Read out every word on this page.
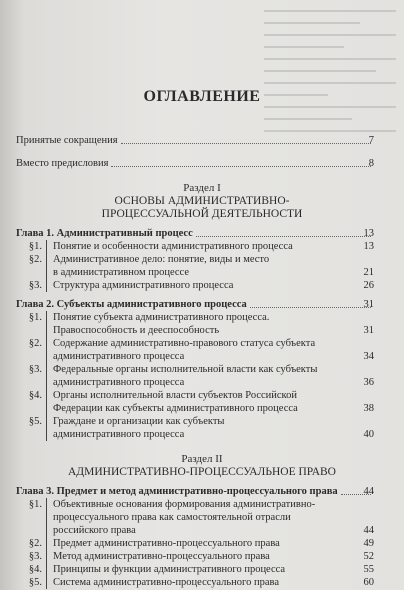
ОГЛАВЛЕНИЕ
Принятые сокращения	7
Вместо предисловия	8
Раздел I
ОСНОВЫ АДМИНИСТРАТИВНО-
ПРОЦЕССУАЛЬНОЙ ДЕЯТЕЛЬНОСТИ
Глава 1. Административный процесс	13
§1.	Понятие и особенности административного процесса	13
§2.	Административное дело: понятие, виды и место
в административном процессе	21
§3.	Структура административного процесса	26
Глава 2. Субъекты административного процесса	31
§1.	Понятие субъекта административного процесса.
Правоспособность и дееспособность	31
§2.	Содержание административно-правового статуса субъекта
административного процесса	34
§3.	Федеральные органы исполнительной власти как субъекты
административного процесса	36
§4.	Органы исполнительной власти субъектов Российской
Федерации как субъекты административного процесса	38
§5.	Граждане и организации как субъекты
административного процесса	40
Раздел II
АДМИНИСТРАТИВНО-ПРОЦЕССУАЛЬНОЕ ПРАВО
Глава 3. Предмет и метод административно-процессуального права 44
§1.	Объективные основания формирования административно-
процессуального права как самостоятельной отрасли
российского права	44
§2.	Предмет административно-процессуального права	49
§3.	Метод административно-процессуального права	52
§4.	Принципы и функции административного процесса	55
§5.	Система административно-процессуального права	60
